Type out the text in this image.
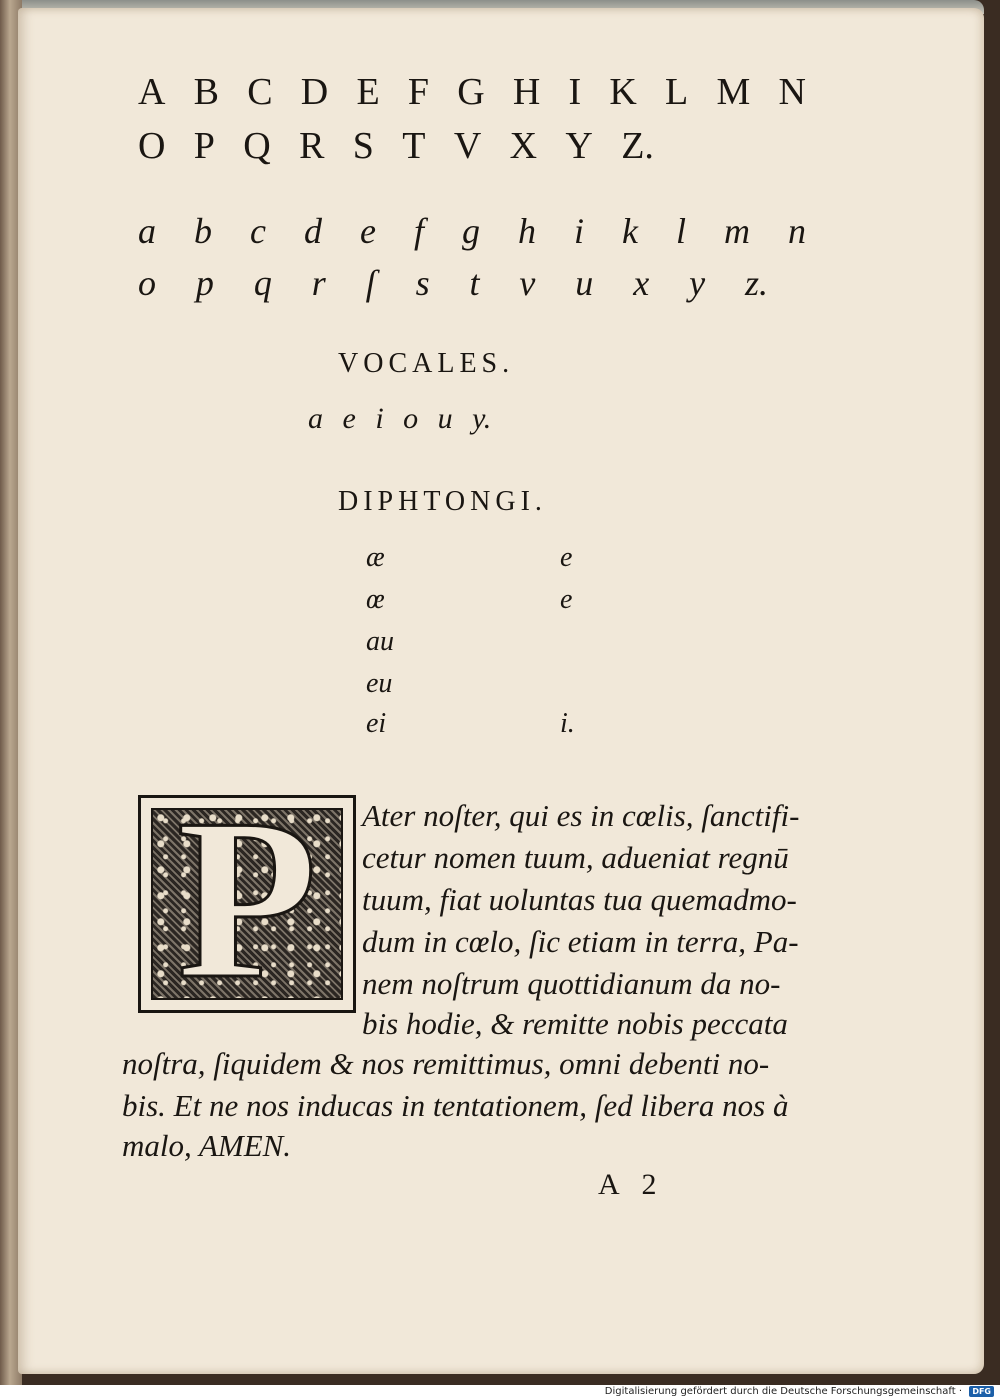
A B C D E F G H I K L M N
O P Q R S T V X Y Z.
a b c d e f g h i k l m n
o p q r ſ s t v u x y z.
VOCALES.
a e i o u y.
DIPHTONGI.
æ
œ
au
eu
ei
e
e
i.
P	Ater noſter, qui es in cœlis, ſanctifi-
cetur nomen tuum, adueniat regnū
tuum, fiat uoluntas tua quemadmo-
dum in cœlo, ſic etiam in terra, Pa-
nem noſtrum quottidianum da no-
bis hodie, & remitte nobis peccata
noſtra, ſiquidem & nos remittimus, omni debenti no-
bis. Et ne nos inducas in tentationem, ſed libera nos à
malo, AMEN.
A 2
Digitalisierung gefördert durch die Deutsche Forschungsgemeinschaft ·	DFG
